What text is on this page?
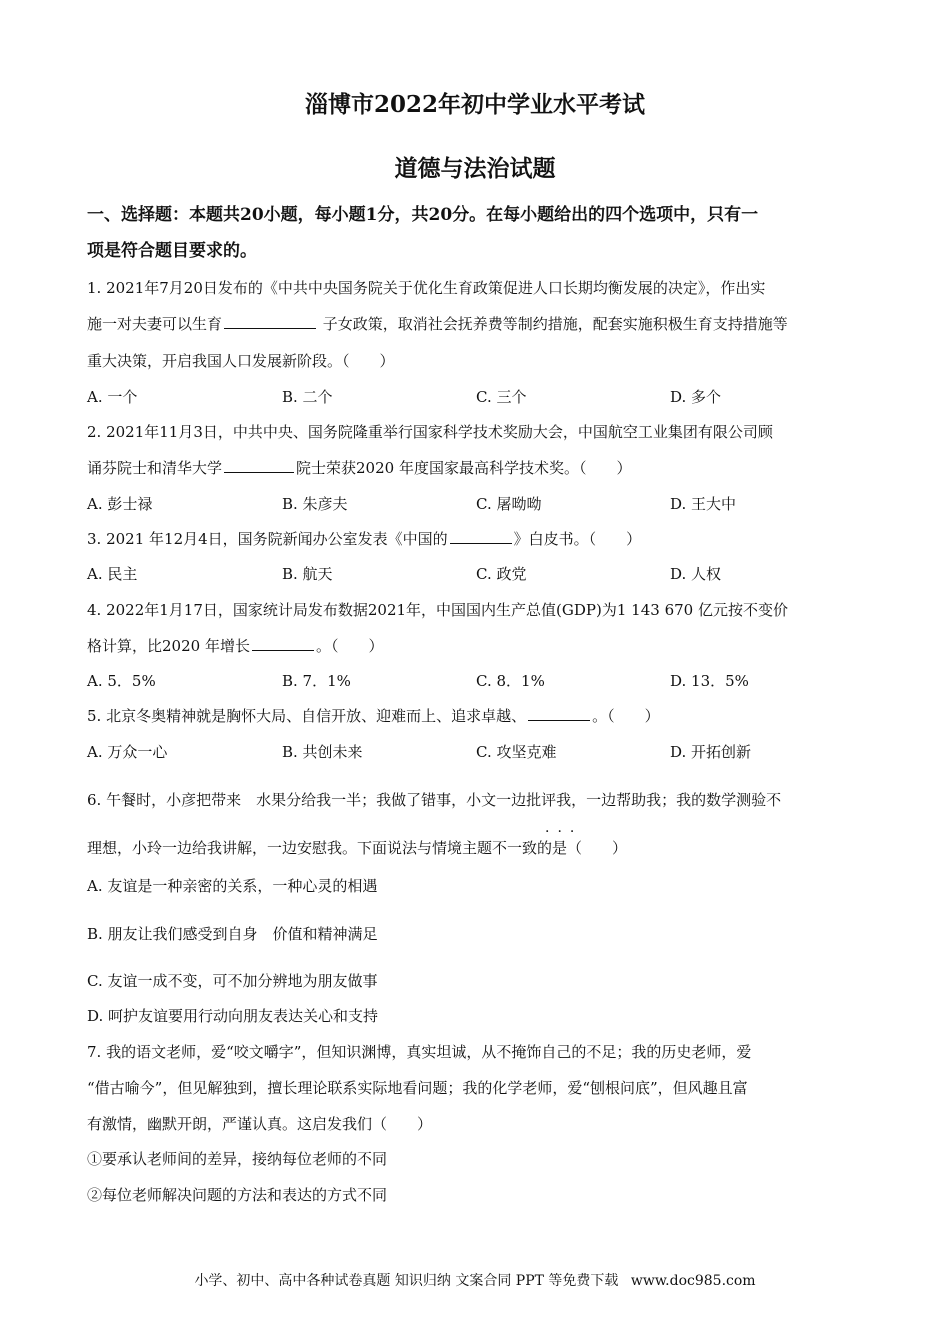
淄博市2022年初中学业水平考试
道德与法治试题
一、选择题：本题共20小题，每小题1分，共20分。在每小题给出的四个选项中，只有一
项是符合题目要求的。
1. 2021年7月20日发布的《中共中央国务院关于优化生育政策促进人口长期均衡发展的决定》，作出实
施一对夫妻可以生育	子女政策，取消社会抚养费等制约措施，配套实施积极生育支持措施等
重大决策，开启我国人口发展新阶段。（　　）
A. 一个	B. 二个	C. 三个	D. 多个
2. 2021年11月3日，中共中央、国务院隆重举行国家科学技术奖励大会，中国航空工业集团有限公司顾
诵芬院士和清华大学	院士荣获2020 年度国家最高科学技术奖。（　　）
A. 彭士禄	B. 朱彦夫	C. 屠呦呦	D. 王大中
3. 2021 年12月4日，国务院新闻办公室发表《中国的	》白皮书。（　　）
A. 民主	B. 航天	C. 政党	D. 人权
4. 2022年1月17日，国家统计局发布数据2021年，中国国内生产总值(GDP)为1 143 670 亿元按不变价
格计算，比2020 年增长	。（　　）
A. 5．5%	B. 7．1%	C. 8．1%	D. 13．5%
5. 北京冬奥精神就是胸怀大局、自信开放、迎难而上、追求卓越、	。（　　）
A. 万众一心	B. 共创未来	C. 攻坚克难	D. 开拓创新
6. 午餐时，小彦把带来　水果分给我一半；我做了错事，小文一边批评我，一边帮助我；我的数学测验不
···
理想，小玲一边给我讲解，一边安慰我。下面说法与情境主题不一致的是（　　）
A. 友谊是一种亲密的关系，一种心灵的相遇
B. 朋友让我们感受到自身　价值和精神满足
C. 友谊一成不变，可不加分辨地为朋友做事
D. 呵护友谊要用行动向朋友表达关心和支持
7. 我的语文老师，爱“咬文嚼字”，但知识渊博，真实坦诚，从不掩饰自己的不足；我的历史老师，爱
“借古喻今”，但见解独到，擅长理论联系实际地看问题；我的化学老师，爱“刨根问底”，但风趣且富
有激情，幽默开朗，严谨认真。这启发我们（　　）
①要承认老师间的差异，接纳每位老师的不同
②每位老师解决问题的方法和表达的方式不同
小学、初中、高中各种试卷真题 知识归纳 文案合同 PPT 等免费下载 www.doc985.com
